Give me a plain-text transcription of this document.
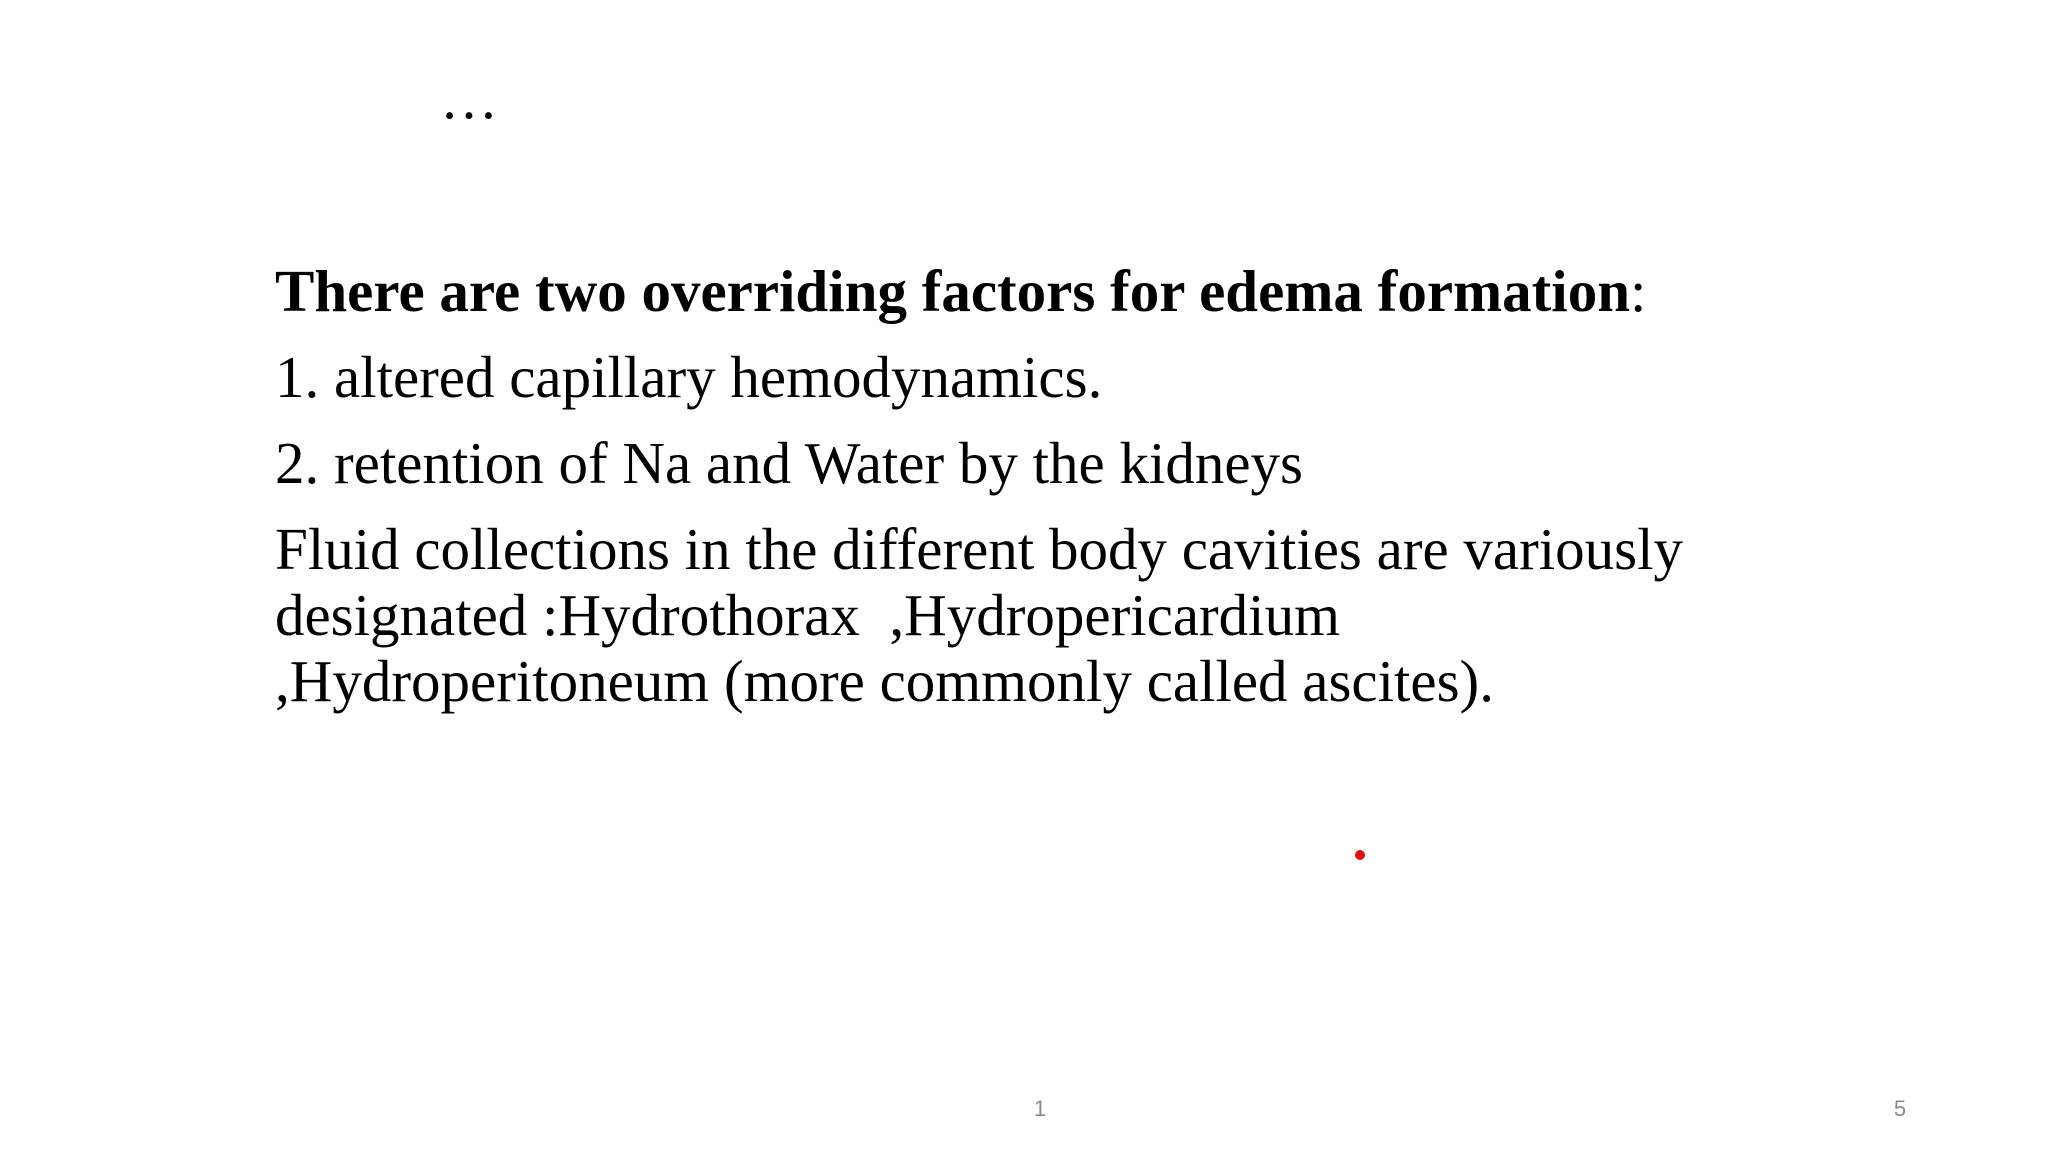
…

There are two overriding factors for edema formation:

1. altered capillary hemodynamics.

2. retention of Na and Water by the kidneys

Fluid collections in the different body cavities are variously

designated :Hydrothorax  ,Hydropericardium

,Hydroperitoneum (more commonly called ascites).

1	5
